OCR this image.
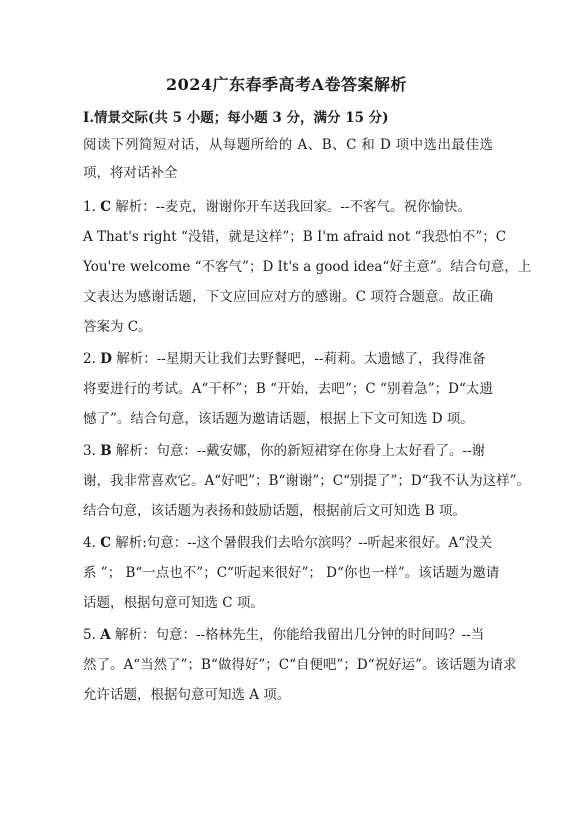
2024广东春季高考A卷答案解析
I.情景交际(共 5 小题；每小题 3 分，满分 15 分)
阅读下列简短对话，从每题所给的 A、B、C 和 D 项中选出最佳选
项，将对话补全
1. C 解析：--麦克，谢谢你开车送我回家。--不客气。祝你愉快。
A That's right “没错，就是这样”；B I'm afraid not “我恐怕不”；C
You're welcome “不客气”；D It's a good idea“好主意”。结合句意，上
文表达为感谢话题，下文应回应对方的感谢。C 项符合题意。故正确
答案为 C。
2. D 解析：--星期天让我们去野餐吧，--莉莉。太遗憾了，我得准备
将要进行的考试。A“干杯”；B “开始，去吧”；C “别着急”；D“太遗
憾了”。结合句意，该话题为邀请话题，根据上下文可知选 D 项。
3. B 解析：句意：--戴安娜，你的新短裙穿在你身上太好看了。--谢
谢，我非常喜欢它。A“好吧”；B“谢谢”；C“别提了”；D“我不认为这样”。
结合句意，该话题为表扬和鼓励话题，根据前后文可知选 B 项。
4. C 解析:句意：--这个暑假我们去哈尔滨吗？--听起来很好。A“没关
系 ”； B“一点也不”；C“听起来很好”； D“你也一样”。该话题为邀请
话题，根据句意可知选 C 项。
5. A 解析：句意：--格林先生，你能给我留出几分钟的时间吗？--当
然了。A“当然了”；B“做得好”；C“自便吧”；D“祝好运”。该话题为请求
允许话题，根据句意可知选 A 项。
